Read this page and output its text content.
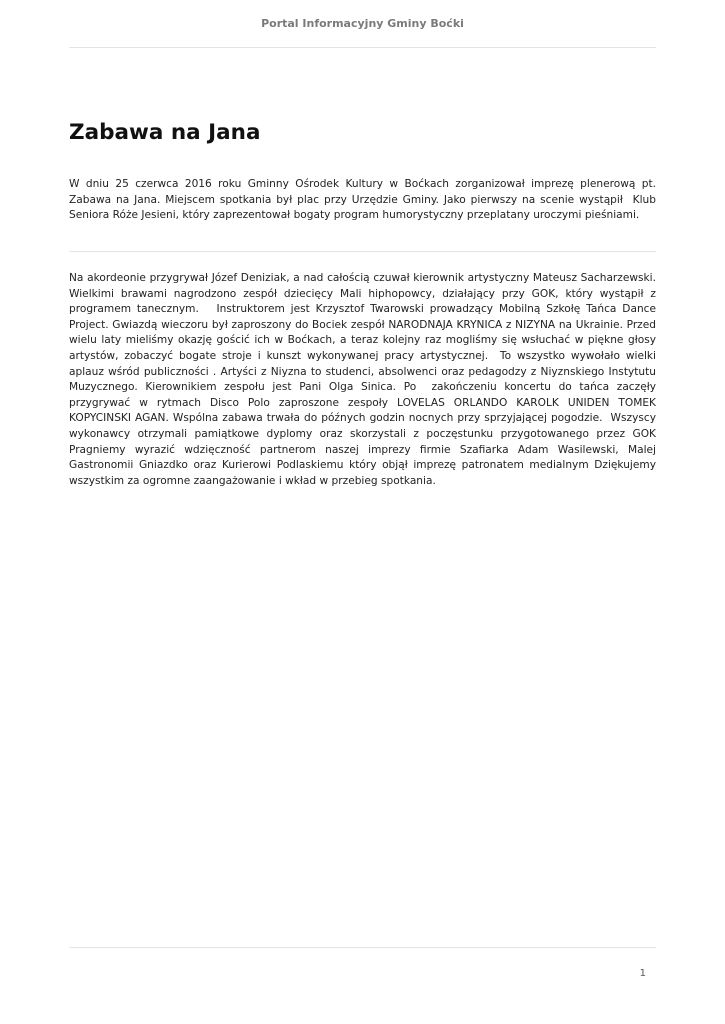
Portal Informacyjny Gminy Boćki
Zabawa na Jana

W dniu 25 czerwca 2016 roku Gminny Ośrodek Kultury w Boćkach zorganizował imprezę plenerową pt. Zabawa na Jana. Miejscem spotkania był plac przy Urzędzie Gminy. Jako pierwszy na scenie wystąpił  Klub Seniora Róże Jesieni, który zaprezentował bogaty program humorystyczny przeplatany uroczymi pieśniami.

Na akordeonie przygrywał Józef Deniziak, a nad całością czuwał kierownik artystyczny Mateusz Sacharzewski. Wielkimi brawami nagrodzono zespół dziecięcy Mali hiphopowcy, działający przy GOK, który wystąpił z programem tanecznym.   Instruktorem jest Krzysztof Twarowski prowadzący Mobilną Szkołę Tańca Dance Project. Gwiazdą wieczoru był zaproszony do Bociek zespół NARODNAJA KRYNICA z NIZYNA na Ukrainie. Przed wielu laty mieliśmy okazję gościć ich w Boćkach, a teraz kolejny raz mogliśmy się wsłuchać w piękne głosy artystów, zobaczyć bogate stroje i kunszt wykonywanej pracy artystycznej.  To wszystko wywołało wielki aplauz wśród publiczności . Artyści z Niyzna to studenci, absolwenci oraz pedagodzy z Niyznskiego Instytutu Muzycznego. Kierownikiem zespołu jest Pani Olga Sinica. Po  zakończeniu koncertu do tańca zaczęły przygrywać w rytmach Disco Polo zaproszone zespoły LOVELAS ORLANDO KAROLK UNIDEN TOMEK KOPYCINSKI AGAN. Wspólna zabawa trwała do późnych godzin nocnych przy sprzyjającej pogodzie.  Wszyscy wykonawcy otrzymali pamiątkowe dyplomy oraz skorzystali z poczęstunku przygotowanego przez GOK Pragniemy wyrazić wdzięczność partnerom naszej imprezy firmie Szafiarka Adam Wasilewski, Malej Gastronomii Gniazdko oraz Kurierowi Podlaskiemu który objął imprezę patronatem medialnym Dziękujemy wszystkim za ogromne zaangażowanie i wkład w przebieg spotkania.

1
